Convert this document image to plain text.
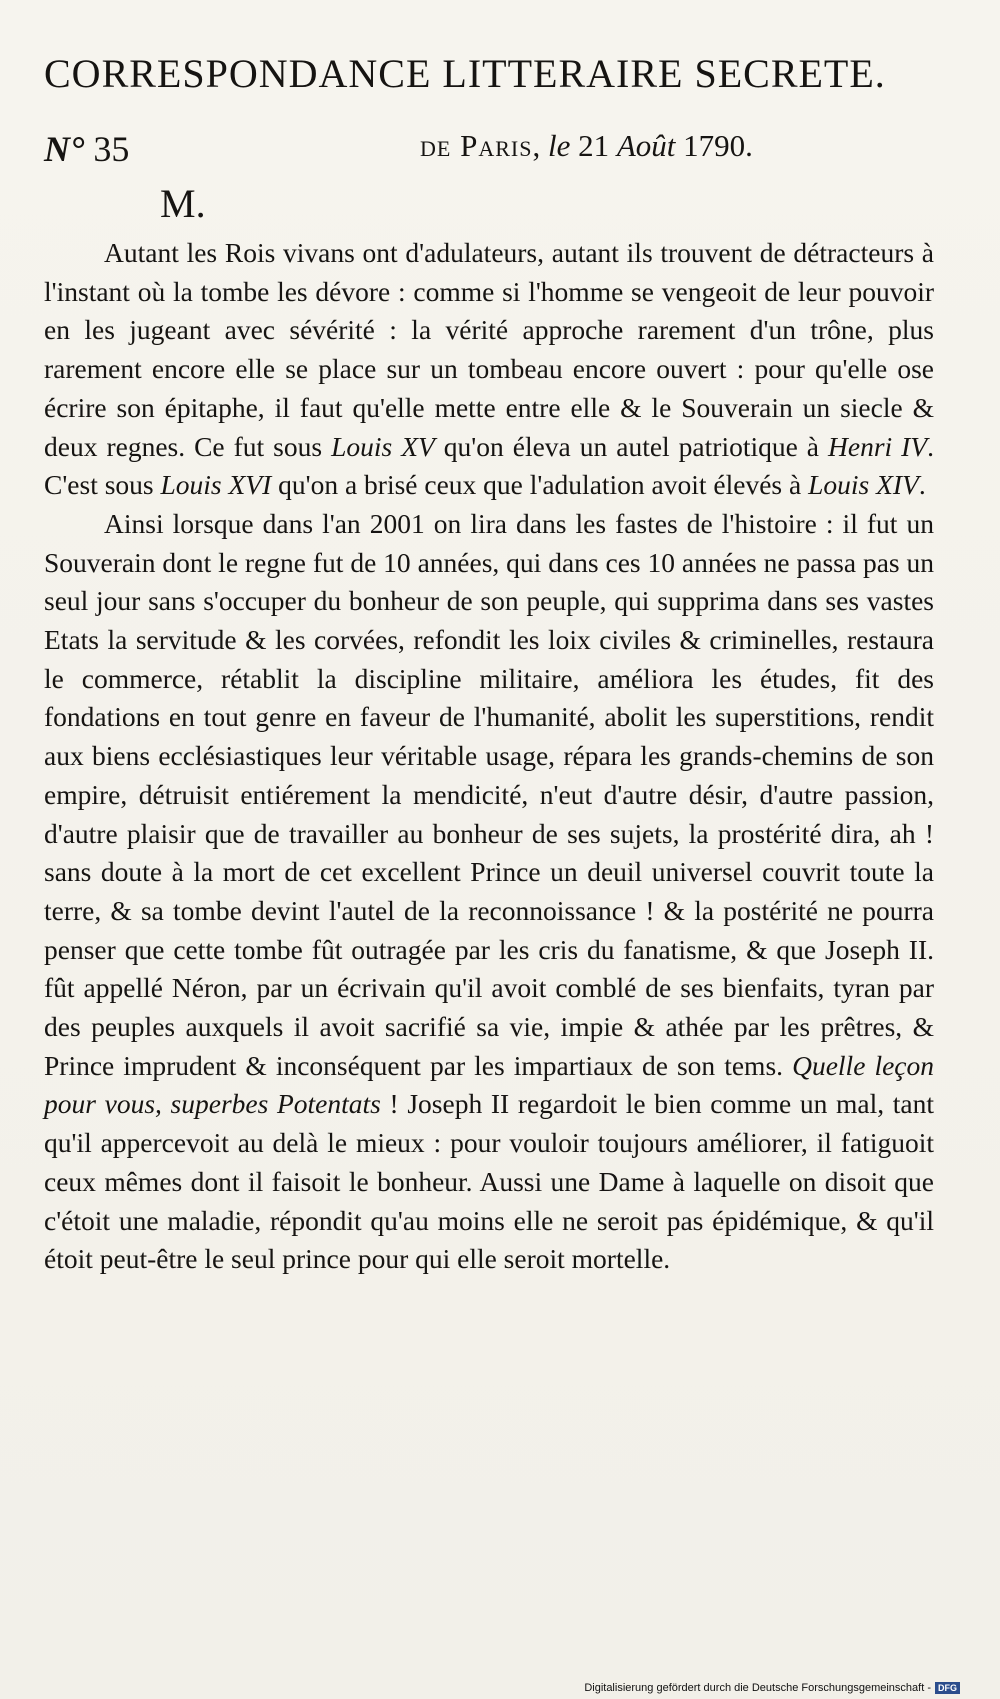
CORRESPONDANCE LITTERAIRE SECRETE.
N° 35	de Paris, le 21 Août 1790.
M.

Autant les Rois vivans ont d'adulateurs, autant ils trouvent de détracteurs à l'instant où la tombe les dévore : comme si l'homme se vengeoit de leur pouvoir en les jugeant avec sévérité : la vérité approche rarement d'un trône, plus rarement encore elle se place sur un tombeau encore ouvert : pour qu'elle ose écrire son épitaphe, il faut qu'elle mette entre elle & le Souverain un siecle & deux regnes. Ce fut sous Louis XV qu'on éleva un autel patriotique à Henri IV. C'est sous Louis XVI qu'on a brisé ceux que l'adulation avoit élevés à Louis XIV.

Ainsi lorsque dans l'an 2001 on lira dans les fastes de l'histoire : il fut un Souverain dont le regne fut de 10 années, qui dans ces 10 années ne passa pas un seul jour sans s'occuper du bonheur de son peuple, qui supprima dans ses vastes Etats la servitude & les corvées, refondit les loix civiles & criminelles, restaura le commerce, rétablit la discipline militaire, améliora les études, fit des fondations en tout genre en faveur de l'humanité, abolit les superstitions, rendit aux biens ecclésiastiques leur véritable usage, répara les grands-chemins de son empire, détruisit entiérement la mendicité, n'eut d'autre désir, d'autre passion, d'autre plaisir que de travailler au bonheur de ses sujets, la prostérité dira, ah ! sans doute à la mort de cet excellent Prince un deuil universel couvrit toute la terre, & sa tombe devint l'autel de la reconnoissance ! & la postérité ne pourra penser que cette tombe fût outragée par les cris du fanatisme, & que Joseph II. fût appellé Néron, par un écrivain qu'il avoit comblé de ses bienfaits, tyran par des peuples auxquels il avoit sacrifié sa vie, impie & athée par les prêtres, & Prince imprudent & inconséquent par les impartiaux de son tems. Quelle leçon pour vous, superbes Potentats ! Joseph II regardoit le bien comme un mal, tant qu'il appercevoit au delà le mieux : pour vouloir toujours améliorer, il fatiguoit ceux mêmes dont il faisoit le bonheur. Aussi une Dame à laquelle on disoit que c'étoit une maladie, répondit qu'au moins elle ne seroit pas épidémique, & qu'il étoit peut-être le seul prince pour qui elle seroit mortelle.

Digitalisierung gefördert durch die Deutsche Forschungsgemeinschaft - DFG
